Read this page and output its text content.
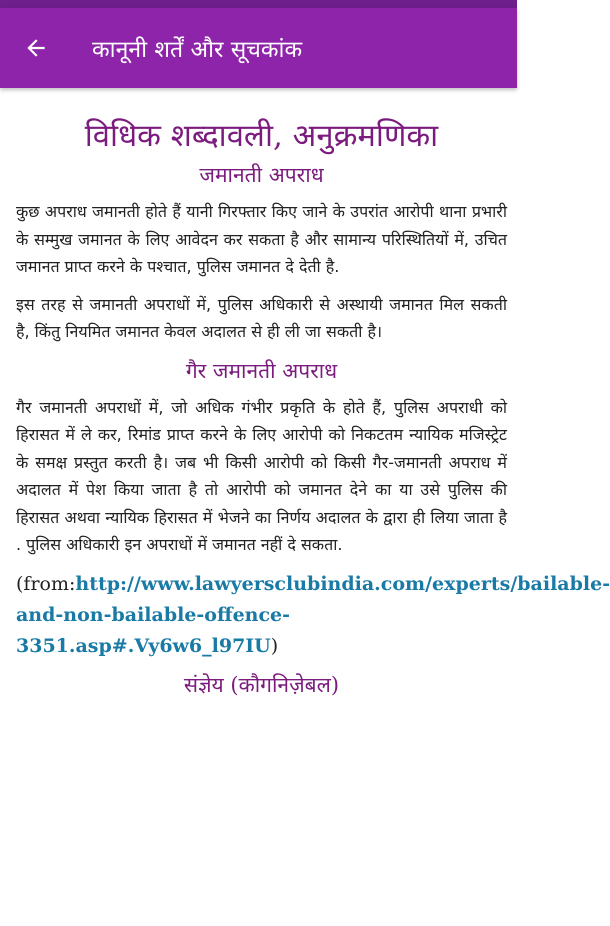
कानूनी शर्तें और सूचकांक
विधिक शब्दावली, अनुक्रमणिका
जमानती अपराध

कुछ अपराध जमानती होते हैं यानी गिरफ्तार किए जाने के उपरांत आरोपी थाना प्रभारी के सम्मुख जमानत के लिए आवेदन कर सकता है और सामान्य परिस्थितियों में, उचित जमानत प्राप्त करने के पश्चात, पुलिस जमानत दे देती है.

इस तरह से जमानती अपराधों में, पुलिस अधिकारी से अस्थायी जमानत मिल सकती है, किंतु नियमित जमानत केवल अदालत से ही ली जा सकती है।

गैर जमानती अपराध

गैर जमानती अपराधों में, जो अधिक गंभीर प्रकृति के होते हैं, पुलिस अपराधी को हिरासत में ले कर, रिमांड प्राप्त करने के लिए आरोपी को निकटतम न्यायिक मजिस्ट्रेट के समक्ष प्रस्तुत करती है। जब भी किसी आरोपी को किसी गैर-जमानती अपराध में अदालत में पेश किया जाता है तो आरोपी को जमानत देने का या उसे पुलिस की हिरासत अथवा न्यायिक हिरासत में भेजने का निर्णय अदालत के द्वारा ही लिया जाता है . पुलिस अधिकारी इन अपराधों में जमानत नहीं दे सकता.

(from:http://www.lawyersclubindia.com/experts/bailable-
and-non-bailable-offence-
3351.asp#.Vy6w6_l97IU)
संज्ञेय (कौगनिज़ेबल)
